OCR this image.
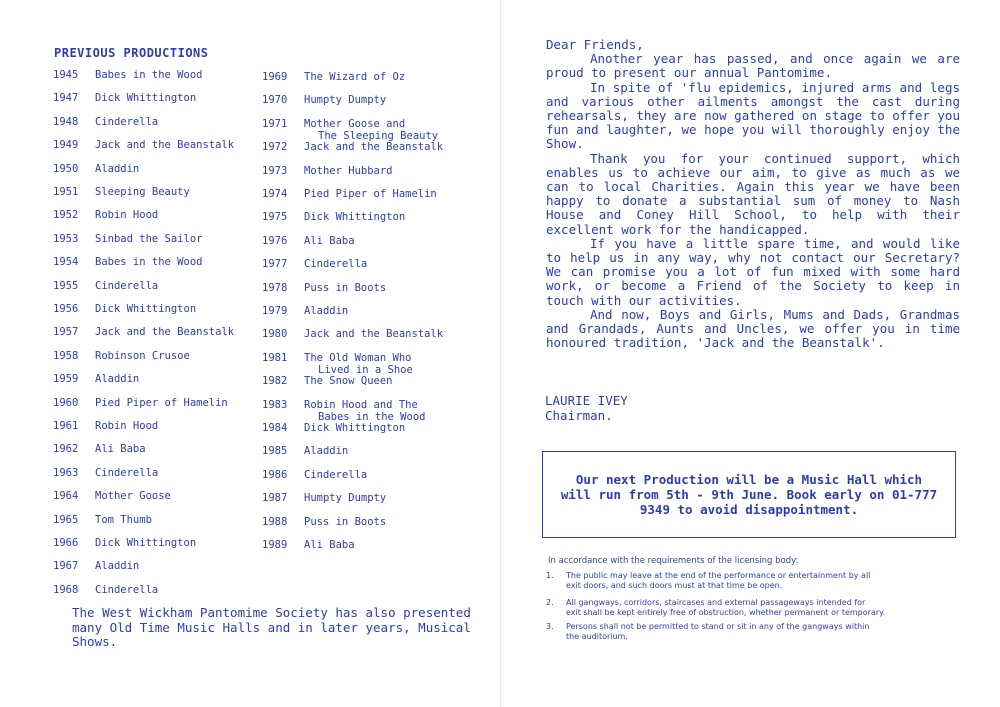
PREVIOUS PRODUCTIONS
1945 Babes in the Wood
1947 Dick Whittington
1948 Cinderella
1949 Jack and the Beanstalk
1950 Aladdin
1951 Sleeping Beauty
1952 Robin Hood
1953 Sinbad the Sailor
1954 Babes in the Wood
1955 Cinderella
1956 Dick Whittington
1957 Jack and the Beanstalk
1958 Robinson Crusoe
1959 Aladdin
1960 Pied Piper of Hamelin
1961 Robin Hood
1962 Ali Baba
1963 Cinderella
1964 Mother Goose
1965 Tom Thumb
1966 Dick Whittington
1967 Aladdin
1968 Cinderella
1969 The Wizard of Oz
1970 Humpty Dumpty
1971 Mother Goose and
The Sleeping Beauty
1972 Jack and the Beanstalk
1973 Mother Hubbard
1974 Pied Piper of Hamelin
1975 Dick Whittington
1976 Ali Baba
1977 Cinderella
1978 Puss in Boots
1979 Aladdin
1980 Jack and the Beanstalk
1981 The Old Woman Who
Lived in a Shoe
1982 The Snow Queen
1983 Robin Hood and The
Babes in the Wood
1984 Dick Whittington
1985 Aladdin
1986 Cinderella
1987 Humpty Dumpty
1988 Puss in Boots
1989 Ali Baba
The West Wickham Pantomime Society has also presented many Old Time Music Halls and in later years, Musical Shows.

Dear Friends,

Another year has passed, and once again we are proud to present our annual Pantomime.

In spite of 'flu epidemics, injured arms and legs and various other ailments amongst the cast during rehearsals, they are now gathered on stage to offer you fun and laughter, we hope you will thoroughly enjoy the Show.

Thank you for your continued support, which enables us to achieve our aim, to give as much as we can to local Charities. Again this year we have been happy to donate a substantial sum of money to Nash House and Coney Hill School, to help with their excellent work for the handicapped.

If you have a little spare time, and would like to help us in any way, why not contact our Secretary? We can promise you a lot of fun mixed with some hard work, or become a Friend of the Society to keep in touch with our activities.

And now, Boys and Girls, Mums and Dads, Grandmas and Grandads, Aunts and Uncles, we offer you in time honoured tradition, 'Jack and the Beanstalk'.

LAURIE IVEY
Chairman.
Our next Production will be a Music Hall which will run from 5th - 9th June. Book early on 01-777 9349 to avoid disappointment.
In accordance with the requirements of the licensing body:
1. The public may leave at the end of the performance or entertainment by all
exit doors, and such doors must at that time be open.
2. All gangways, corridors, staircases and external passageways intended for
exit shall be kept entirely free of obstruction, whether permanent or temporary.
3. Persons shall not be permitted to stand or sit in any of the gangways within
the auditorium.
